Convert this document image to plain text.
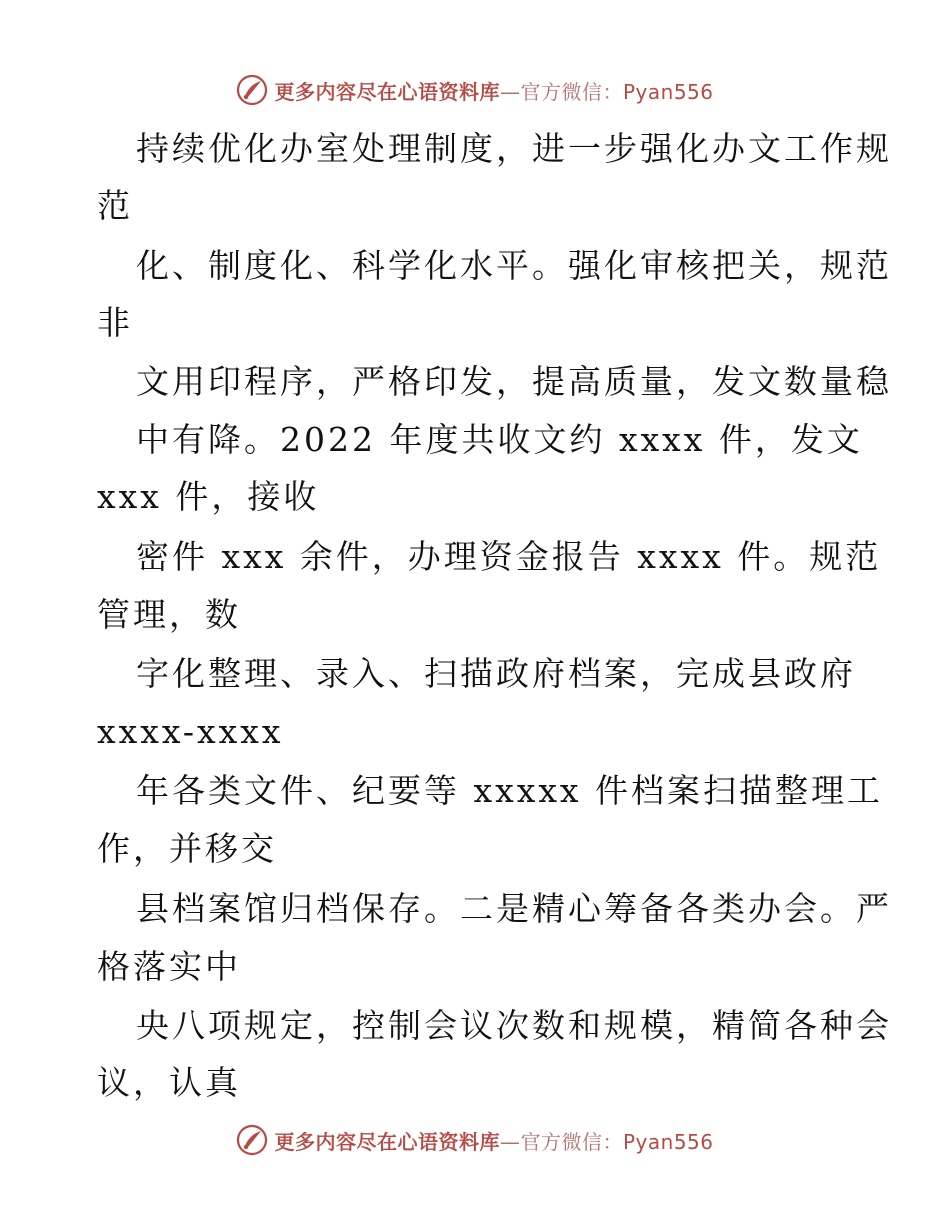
更多内容尽在心语资料库—官方微信：Pyan556
持续优化办室处理制度，进一步强化办文工作规
范
化、制度化、科学化水平。强化审核把关，规范
非
文用印程序，严格印发，提高质量，发文数量稳
中有降。2022 年度共收文约 xxxx 件，发文
xxx 件，接收
密件 xxx 余件，办理资金报告 xxxx 件。规范
管理，数
字化整理、录入、扫描政府档案，完成县政府
xxxx-xxxx
年各类文件、纪要等 xxxxx 件档案扫描整理工
作，并移交
县档案馆归档保存。二是精心筹备各类办会。严
格落实中
央八项规定，控制会议次数和规模，精简各种会
议，认真
更多内容尽在心语资料库—官方微信：Pyan556
